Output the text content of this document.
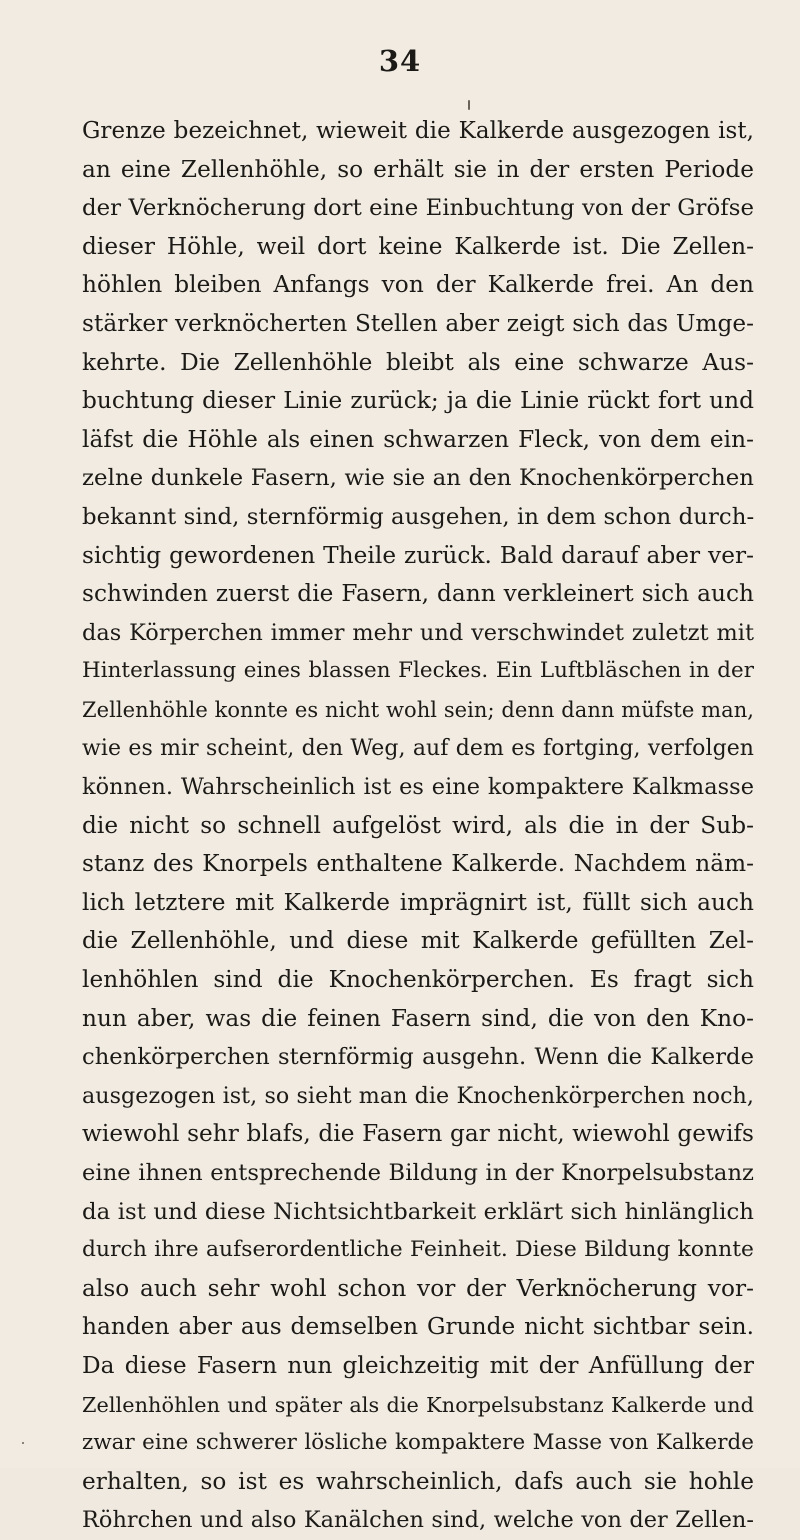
34
Grenze bezeichnet, wieweit die Kalkerde ausgezogen ist,
an eine Zellenhöhle, so erhält sie in der ersten Periode
der Verknöcherung dort eine Einbuchtung von der Gröfse
dieser Höhle, weil dort keine Kalkerde ist. Die Zellen-
höhlen bleiben Anfangs von der Kalkerde frei. An den
stärker verknöcherten Stellen aber zeigt sich das Umge-
kehrte. Die Zellenhöhle bleibt als eine schwarze Aus-
buchtung dieser Linie zurück; ja die Linie rückt fort und
läfst die Höhle als einen schwarzen Fleck, von dem ein-
zelne dunkele Fasern, wie sie an den Knochenkörperchen
bekannt sind, sternförmig ausgehen, in dem schon durch-
sichtig gewordenen Theile zurück. Bald darauf aber ver-
schwinden zuerst die Fasern, dann verkleinert sich auch
das Körperchen immer mehr und verschwindet zuletzt mit
Hinterlassung eines blassen Fleckes. Ein Luftbläschen in der
Zellenhöhle konnte es nicht wohl sein; denn dann müfste man,
wie es mir scheint, den Weg, auf dem es fortging, verfolgen
können. Wahrscheinlich ist es eine kompaktere Kalkmasse
die nicht so schnell aufgelöst wird, als die in der Sub-
stanz des Knorpels enthaltene Kalkerde. Nachdem näm-
lich letztere mit Kalkerde imprägnirt ist, füllt sich auch
die Zellenhöhle, und diese mit Kalkerde gefüllten Zel-
lenhöhlen sind die Knochenkörperchen. Es fragt sich
nun aber, was die feinen Fasern sind, die von den Kno-
chenkörperchen sternförmig ausgehn. Wenn die Kalkerde
ausgezogen ist, so sieht man die Knochenkörperchen noch,
wiewohl sehr blafs, die Fasern gar nicht, wiewohl gewifs
eine ihnen entsprechende Bildung in der Knorpelsubstanz
da ist und diese Nichtsichtbarkeit erklärt sich hinlänglich
durch ihre aufserordentliche Feinheit. Diese Bildung konnte
also auch sehr wohl schon vor der Verknöcherung vor-
handen aber aus demselben Grunde nicht sichtbar sein.
Da diese Fasern nun gleichzeitig mit der Anfüllung der
Zellenhöhlen und später als die Knorpelsubstanz Kalkerde und
zwar eine schwerer lösliche kompaktere Masse von Kalkerde
erhalten, so ist es wahrscheinlich, dafs auch sie hohle
Röhrchen und also Kanälchen sind, welche von der Zellen-
